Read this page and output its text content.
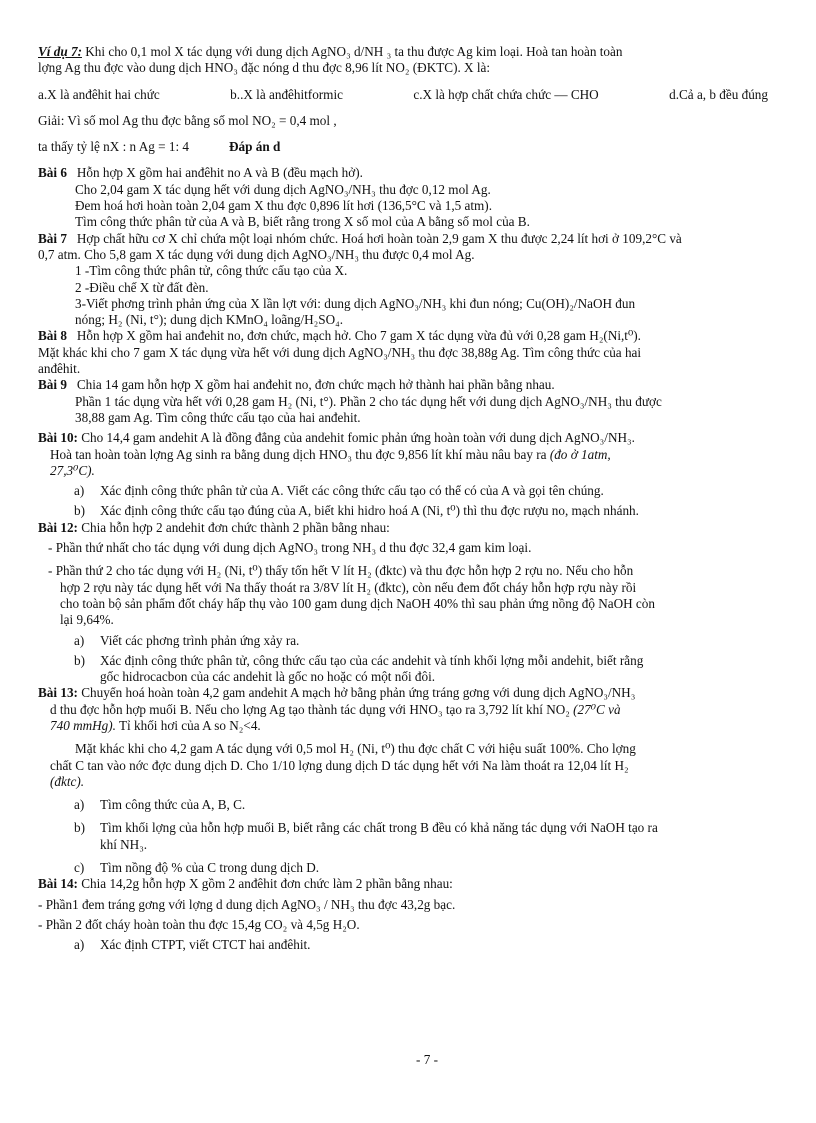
Ví dụ 7: Khi cho 0,1 mol X tác dụng với dung dịch AgNO₃ d/NH ₃ ta thu được Ag kim loại. Hoà tan hoàn toàn

lợng Ag thu đợc vào dung dịch HNO₃ đặc nóng d thu đợc 8,96 lít NO₂ (ĐKTC). X là:

a.X là anđêhit hai chức	b..X là anđêhitformic	c.X là hợp chất chứa chức — CHO	d.Cả a, b đều đúng

Giải: Vì số mol Ag thu đợc bằng số mol NO₂ = 0,4 mol ,

ta thấy tỷ lệ nX : n Ag = 1: 4	Đáp án d

Bài 6 Hỗn hợp X gồm hai anđêhit no A và B (đều mạch hở).

Cho 2,04 gam X tác dụng hết với dung dịch AgNO₃/NH₃ thu đợc 0,12 mol Ag.

Đem hoá hơi hoàn toàn 2,04 gam X thu đợc 0,896 lít hơi (136,5°C và 1,5 atm).

Tìm công thức phân tử của A và B, biết rằng trong X số mol của A bằng số mol của B.

Bài 7 Hợp chất hữu cơ X chỉ chứa một loại nhóm chức. Hoá hơi hoàn toàn 2,9 gam X thu được 2,24 lít hơi ở 109,2°C và

0,7 atm. Cho 5,8 gam X tác dụng với dung dịch AgNO₃/NH₃ thu được 0,4 mol Ag.

1 -Tìm công thức phân tử, công thức cấu tạo của X.

2 -Điều chế X từ đất đèn.

3-Viết phơng trình phản ứng của X lần lợt với: dung dịch AgNO₃/NH₃ khi đun nóng; Cu(OH)₂/NaOH đun

nóng; H₂ (Ni, t°); dung dịch KMnO₄ loãng/H₂SO₄.

Bài 8 Hỗn hợp X gồm hai anđehit no, đơn chức, mạch hở. Cho 7 gam X tác dụng vừa đủ với 0,28 gam H₂(Ni,t⁰).

Mặt khác khi cho 7 gam X tác dụng vừa hết với dung dịch AgNO₃/NH₃ thu đợc 38,88g Ag. Tìm công thức của hai

anđêhit.

Bài 9 Chia 14 gam hỗn hợp X gồm hai anđehit no, đơn chức mạch hở thành hai phần bằng nhau.

Phần 1 tác dụng vừa hết với 0,28 gam H₂ (Ni, t°). Phần 2 cho tác dụng hết với dung dịch AgNO₃/NH₃ thu được

38,88 gam Ag. Tìm công thức cấu tạo của hai anđehit.

Bài 10: Cho 14,4 gam andehit A là đồng đẳng của andehit fomic phản ứng hoàn toàn với dung dịch AgNO₃/NH₃.

Hoà tan hoàn toàn lợng Ag sinh ra bằng dung dịch HNO₃ thu đợc 9,856 lít khí màu nâu bay ra (đo ở 1atm,

27,3⁰C).

a)	Xác định công thức phân tử của A. Viết các công thức cấu tạo có thể có của A và gọi tên chúng.
b)	Xác định công thức cấu tạo đúng của A, biết khi hidro hoá A (Ni, t⁰) thì thu đợc rượu no, mạch nhánh.

Bài 12: Chia hỗn hợp 2 andehit đơn chức thành 2 phần bằng nhau:

- Phần thứ nhất cho tác dụng với dung dịch AgNO₃ trong NH₃ d thu đợc 32,4 gam kim loại.

- Phần thứ 2 cho tác dụng với H₂ (Ni, t⁰) thấy tốn hết V lít H₂ (đktc) và thu đợc hỗn hợp 2 rợu no. Nếu cho hỗn

hợp 2 rợu này tác dụng hết với Na thấy thoát ra 3/8V lít H₂ (đktc), còn nếu đem đốt cháy hỗn hợp rợu này rồi

cho toàn bộ sản phẩm đốt cháy hấp thụ vào 100 gam dung dịch NaOH 40% thì sau phản ứng nồng độ NaOH còn

lại 9,64%.

a)	Viết các phơng trình phản ứng xảy ra.
b)	Xác định công thức phân tử, công thức cấu tạo của các andehit và tính khối lợng mỗi andehit, biết rằng
gốc hidrocacbon của các andehit là gốc no hoặc có một nối đôi.

Bài 13: Chuyển hoá hoàn toàn 4,2 gam andehit A mạch hở bằng phản ứng tráng gơng với dung dịch AgNO₃/NH₃

d thu đợc hỗn hợp muối B. Nếu cho lợng Ag tạo thành tác dụng với HNO₃ tạo ra 3,792 lít khí NO₂ (27⁰C và

740 mmHg). Tỉ khối hơi của A so N₂<4.

Mặt khác khi cho 4,2 gam A tác dụng với 0,5 mol H₂ (Ni, t⁰) thu đợc chất C với hiệu suất 100%. Cho lợng

chất C tan vào nớc đợc dung dịch D. Cho 1/10 lợng dung dịch D tác dụng hết với Na làm thoát ra 12,04 lít H₂

(đktc).

a)	Tìm công thức của A, B, C.
b)	Tìm khối lợng của hỗn hợp muối B, biết rằng các chất trong B đều có khả năng tác dụng với NaOH tạo ra
khí NH₃.
c)	Tìm nồng độ % của C trong dung dịch D.

Bài 14: Chia 14,2g hỗn hợp X gồm 2 anđêhit đơn chức làm 2 phần bằng nhau:

- Phần1 đem tráng gơng với lợng d dung dịch AgNO₃ / NH₃ thu đợc 43,2g bạc.

- Phần 2 đốt cháy hoàn toàn thu đợc 15,4g CO₂ và 4,5g H₂O.

a)	Xác định CTPT, viết CTCT hai anđêhit.
- 7 -
